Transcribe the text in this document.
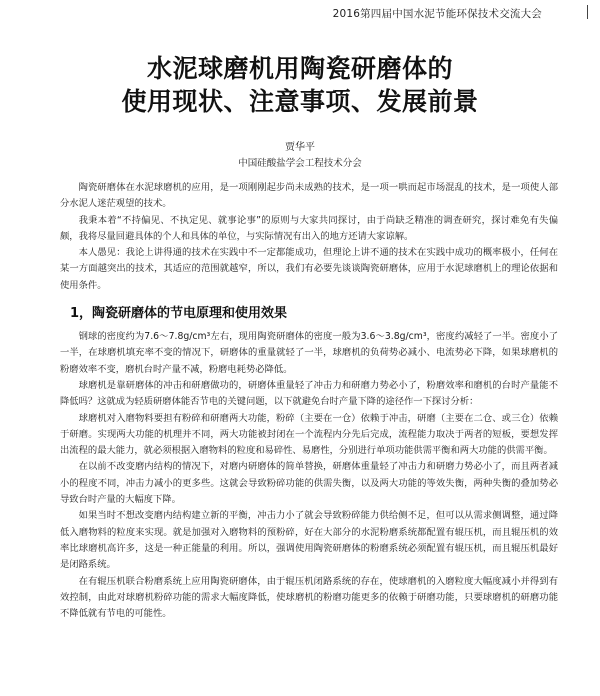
2016第四届中国水泥节能环保技术交流大会
水泥球磨机用陶瓷研磨体的
使用现状、注意事项、发展前景
贾华平
中国硅酸盐学会工程技术分会

陶瓷研磨体在水泥球磨机的应用，是一项刚刚起步尚未成熟的技术，是一项一哄而起市场混乱的技术，是一项使人部分水泥人迷茫观望的技术。

我秉本着“不持偏见、不执定见、就事论事”的原则与大家共同探讨，由于尚缺乏精准的调查研究，探讨难免有失偏颇，我将尽量回避具体的个人和具体的单位，与实际情况有出入的地方还请大家谅解。

本人愚见：我论上讲得通的技术在实践中不一定都能成功，但理论上讲不通的技术在实践中成功的概率极小，任何在某一方面越突出的技术，其适应的范围就越窄，所以，我们有必要先谈谈陶瓷研磨体，应用于水泥球磨机上的理论依据和使用条件。

1，陶瓷研磨体的节电原理和使用效果

钢球的密度约为7.6～7.8g/cm³左右，现用陶瓷研磨体的密度一般为3.6～3.8g/cm³，密度约减轻了一半。密度小了一半，在球磨机填充率不变的情况下，研磨体的重量就轻了一半，球磨机的负荷势必减小、电流势必下降，如果球磨机的粉磨效率不变，磨机台时产量不减，粉磨电耗势必降低。

球磨机是靠研磨体的冲击和研磨做功的，研磨体重量轻了冲击力和研磨力势必小了，粉磨效率和磨机的台时产量能不降低吗？这就成为轻质研磨体能否节电的关键问题，以下就避免台时产量下降的途径作一下探讨分析：

球磨机对入磨物料要担有粉碎和研磨两大功能，粉碎（主要在一仓）依赖于冲击，研磨（主要在二仓、或三仓）依赖于研磨。实现两大功能的机理并不同，两大功能被封闭在一个流程内分先后完成，流程能力取决于两者的短板，要想发挥出流程的最大能力，就必须根据入磨物料的粒度和易碎性、易磨性，分别进行单项功能供需平衡和两大功能的供需平衡。

在以前不改变磨内结构的情况下，对磨内研磨体的简单替换，研磨体重量轻了冲击力和研磨力势必小了，而且两者减小的程度不同，冲击力减小的更多些。这就会导致粉碎功能的供需失衡，以及两大功能的等效失衡，两种失衡的叠加势必导致台时产量的大幅度下降。

如果当时不想改变磨内结构建立新的平衡，冲击力小了就会导致粉碎能力供给侧不足，但可以从需求侧调整，通过降低入磨物料的粒度来实现。就是加强对入磨物料的预粉碎，好在大部分的水泥粉磨系统都配置有辊压机，而且辊压机的效率比球磨机高许多，这是一种正能量的利用。所以，强调使用陶瓷研磨体的粉磨系统必须配置有辊压机，而且辊压机最好是闭路系统。

在有辊压机联合粉磨系统上应用陶瓷研磨体，由于辊压机闭路系统的存在，使球磨机的入磨粒度大幅度减小并得到有效控制，由此对球磨机粉碎功能的需求大幅度降低，使球磨机的粉磨功能更多的依赖于研磨功能，只要球磨机的研磨功能不降低就有节电的可能性。
